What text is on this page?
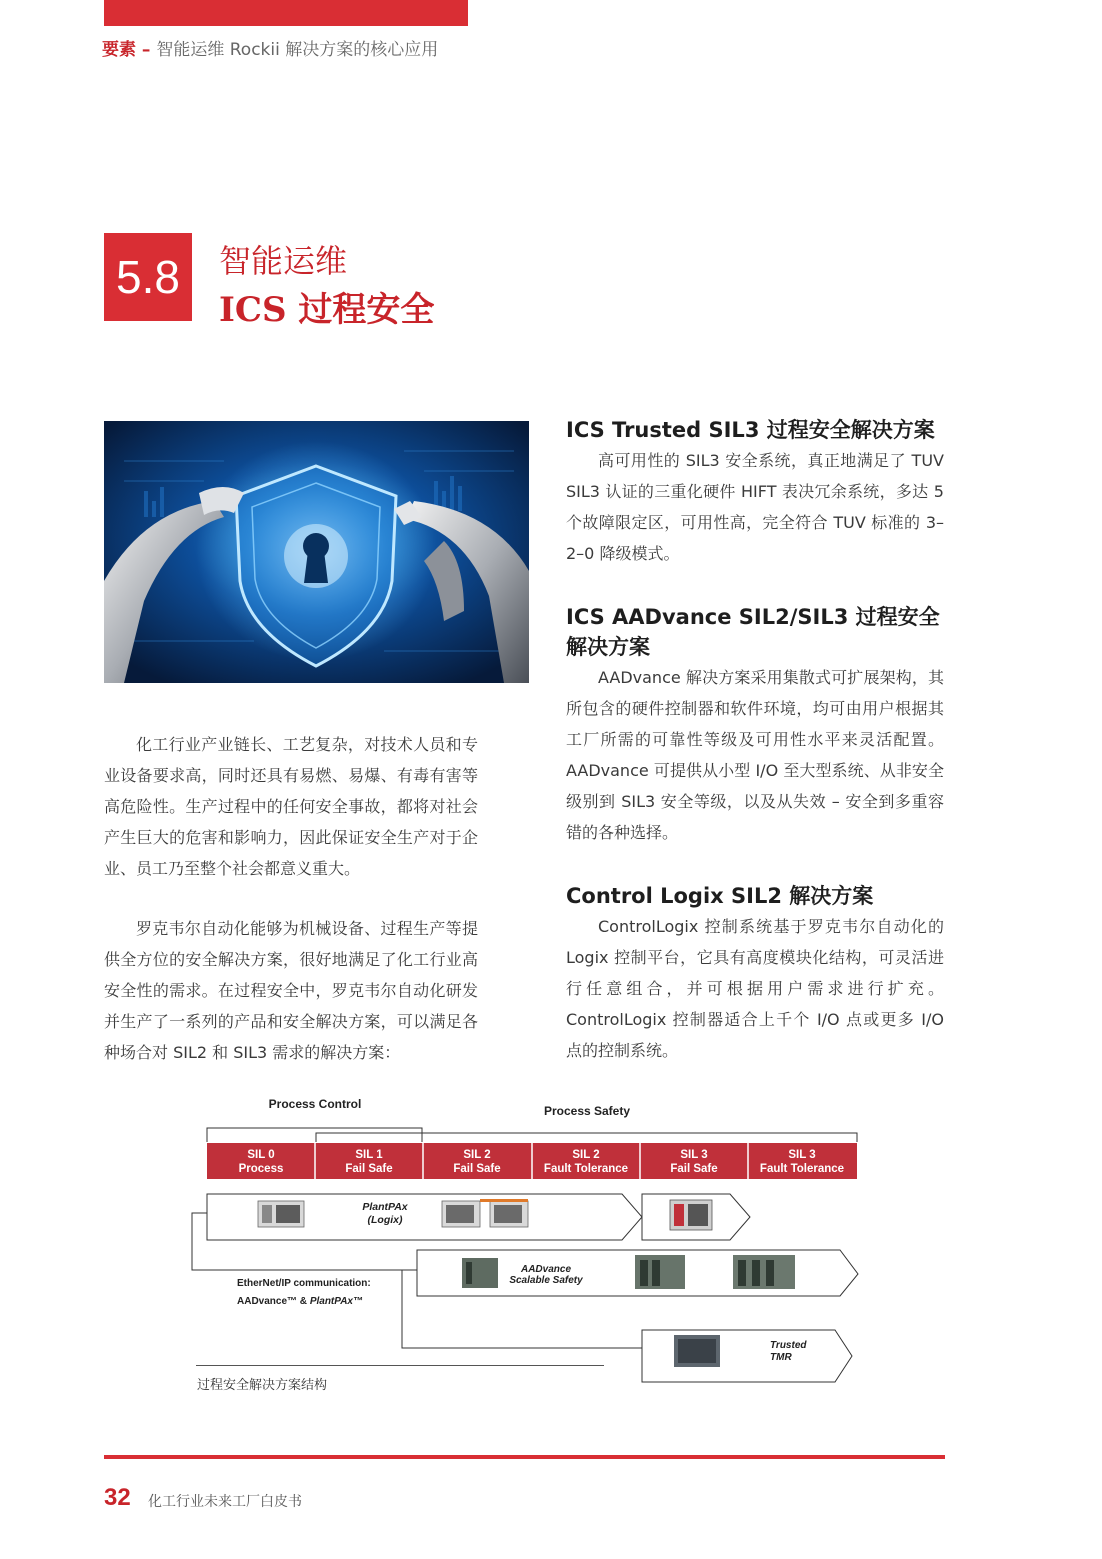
要素 – 智能运维 Rockii 解决方案的核心应用
5.8	智能运维
ICS 过程安全

化工行业产业链长、工艺复杂，对技术人员和专业设备要求高，同时还具有易燃、易爆、有毒有害等高危险性。生产过程中的任何安全事故，都将对社会产生巨大的危害和影响力，因此保证安全生产对于企业、员工乃至整个社会都意义重大。

罗克韦尔自动化能够为机械设备、过程生产等提供全方位的安全解决方案，很好地满足了化工行业高安全性的需求。在过程安全中，罗克韦尔自动化研发并生产了一系列的产品和安全解决方案，可以满足各种场合对 SIL2 和 SIL3 需求的解决方案：

ICS Trusted SIL3 过程安全解决方案

高可用性的 SIL3 安全系统，真正地满足了 TUV SIL3 认证的三重化硬件 HIFT 表决冗余系统，多达 5 个故障限定区，可用性高，完全符合 TUV 标准的 3–2–0 降级模式。

ICS AADvance SIL2/SIL3 过程安全解决方案

AADvance 解决方案采用集散式可扩展架构，其所包含的硬件控制器和软件环境，均可由用户根据其工厂所需的可靠性等级及可用性水平来灵活配置。AADvance 可提供从小型 I/O 至大型系统、从非安全级别到 SIL3 安全等级，以及从失效 – 安全到多重容错的各种选择。

Control Logix SIL2 解决方案

ControlLogix 控制系统基于罗克韦尔自动化的 Logix 控制平台，它具有高度模块化结构，可灵活进行任意组合，并可根据用户需求进行扩充。ControlLogix 控制器适合上千个 I/O 点或更多 I/O 点的控制系统。

Process Control	Process Safety
SIL 0
Process
SIL 1
Fail Safe
SIL 2
Fail Safe
SIL 2
Fault Tolerance
SIL 3
Fail Safe
SIL 3
Fault Tolerance
PlantPAx
(Logix)
AADvance
Scalable Safety
Trusted
TMR
EtherNet/IP communication:
AADvance™ & PlantPAx™
过程安全解决方案结构
32 化工行业未来工厂白皮书
